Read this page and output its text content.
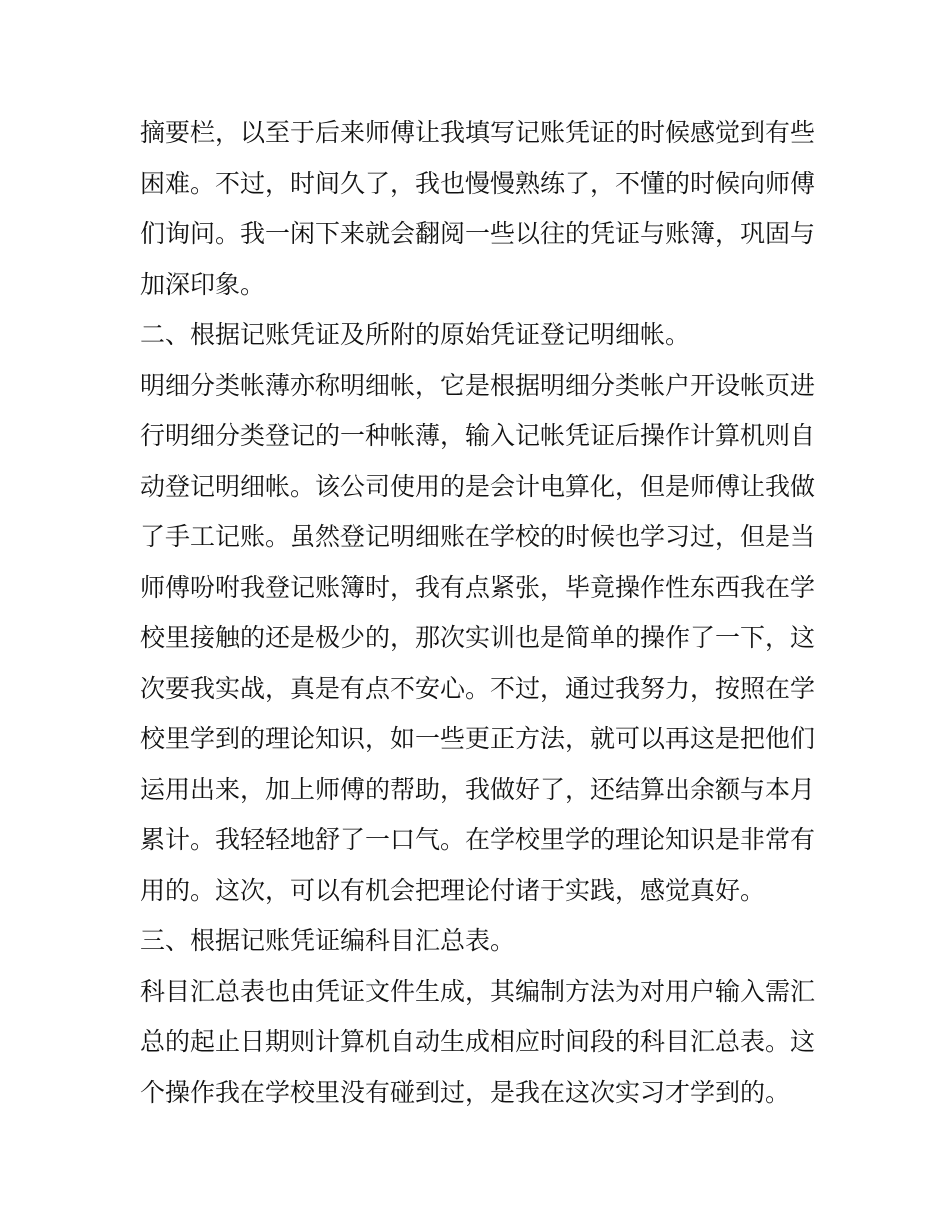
摘要栏，以至于后来师傅让我填写记账凭证的时候感觉到有些
困难。不过，时间久了，我也慢慢熟练了，不懂的时候向师傅
们询问。我一闲下来就会翻阅一些以往的凭证与账簿，巩固与
加深印象。
二、根据记账凭证及所附的原始凭证登记明细帐。
明细分类帐薄亦称明细帐，它是根据明细分类帐户开设帐页进
行明细分类登记的一种帐薄，输入记帐凭证后操作计算机则自
动登记明细帐。该公司使用的是会计电算化，但是师傅让我做
了手工记账。虽然登记明细账在学校的时候也学习过，但是当
师傅吩咐我登记账簿时，我有点紧张，毕竟操作性东西我在学
校里接触的还是极少的，那次实训也是简单的操作了一下，这
次要我实战，真是有点不安心。不过，通过我努力，按照在学
校里学到的理论知识，如一些更正方法，就可以再这是把他们
运用出来，加上师傅的帮助，我做好了，还结算出余额与本月
累计。我轻轻地舒了一口气。在学校里学的理论知识是非常有
用的。这次，可以有机会把理论付诸于实践，感觉真好。
三、根据记账凭证编科目汇总表。
科目汇总表也由凭证文件生成，其编制方法为对用户输入需汇
总的起止日期则计算机自动生成相应时间段的科目汇总表。这
个操作我在学校里没有碰到过，是我在这次实习才学到的。
